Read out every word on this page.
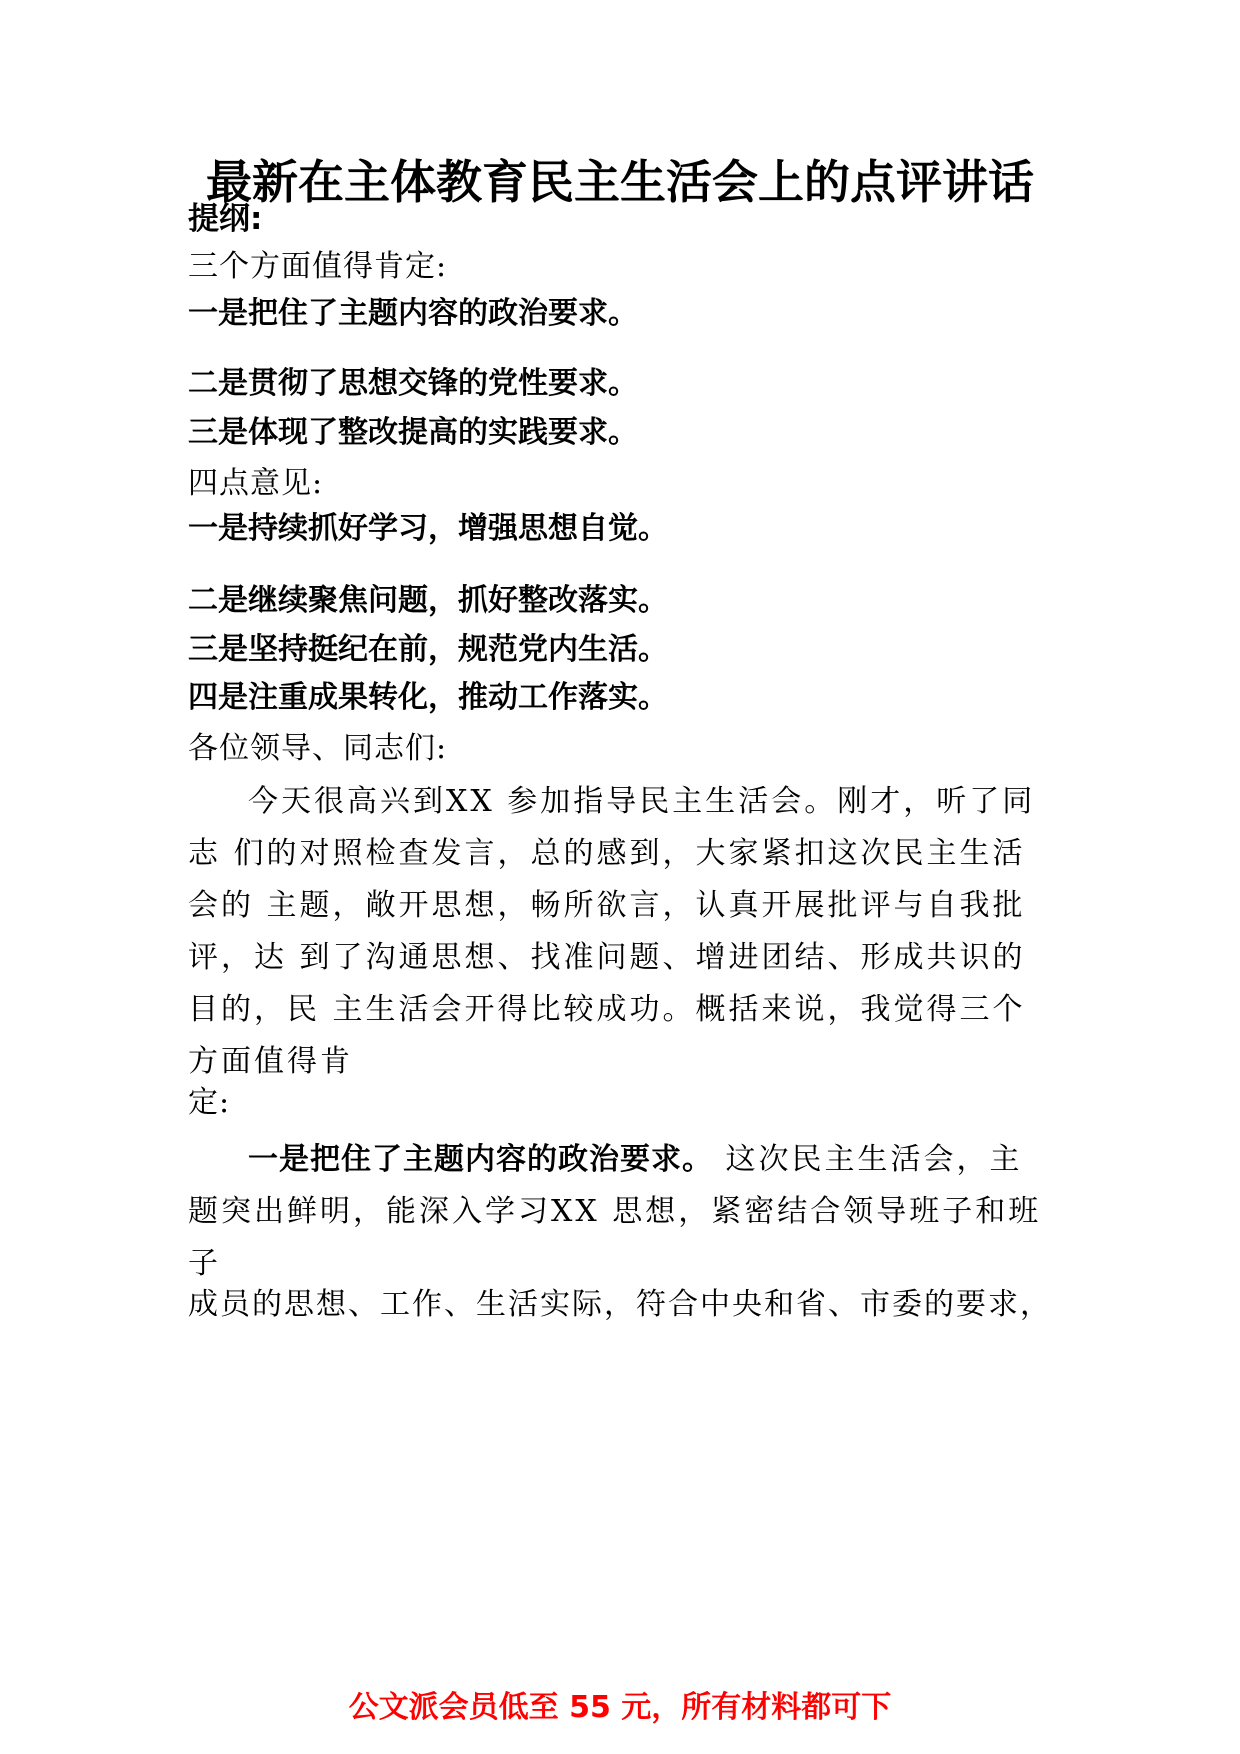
最新在主体教育民主生活会上的点评讲话

提纲:

三个方面值得肯定:

一是把住了主题内容的政治要求。

二是贯彻了思想交锋的党性要求。

三是体现了整改提高的实践要求。

四点意见:

一是持续抓好学习，增强思想自觉。

二是继续聚焦问题，抓好整改落实。

三是坚持挺纪在前，规范党内生活。

四是注重成果转化，推动工作落实。

各位领导、同志们:

今天很高兴到XX 参加指导民主生活会。刚才，听了同
志 们的对照检查发言，总的感到，大家紧扣这次民主生活
会的 主题，敞开思想，畅所欲言，认真开展批评与自我批
评，达 到了沟通思想、找准问题、增进团结、形成共识的
目的，民 主生活会开得比较成功。概括来说，我觉得三个
方面值得肯

定:

一是把住了主题内容的政治要求。 这次民主生活会，主
题突出鲜明，能深入学习XX 思想，紧密结合领导班子和班
子

成员的思想、工作、生活实际，符合中央和省、市委的要求，

公文派会员低至 55 元，所有材料都可下
